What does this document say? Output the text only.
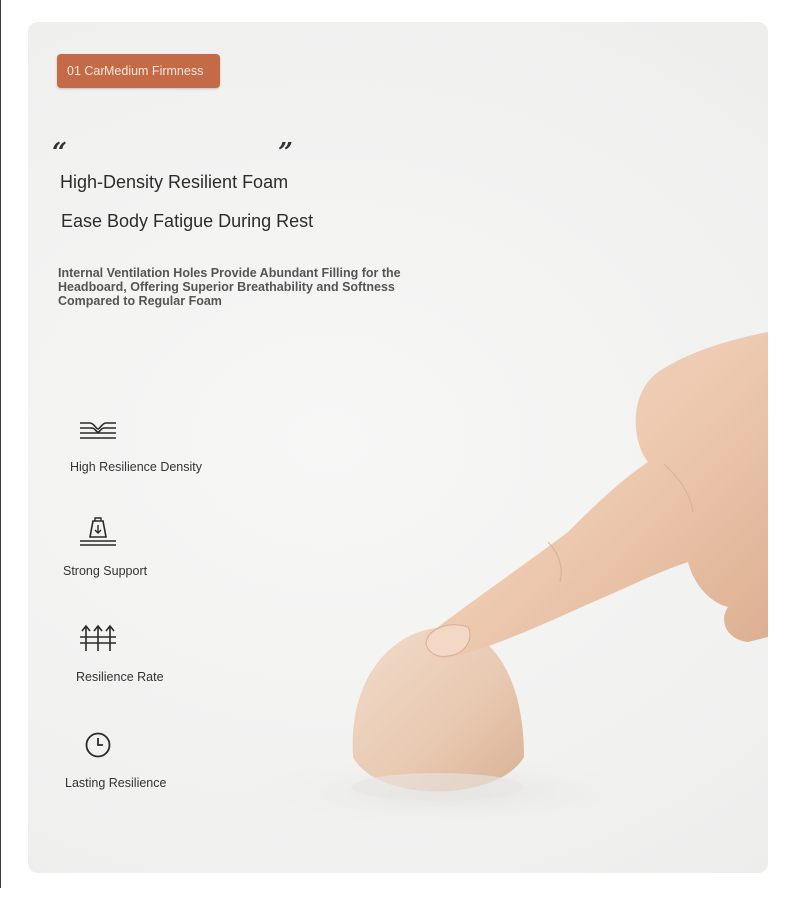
01 Car Medium Firmness
“	”
High-Density Resilient Foam
Ease Body Fatigue During Rest
Internal Ventilation Holes Provide Abundant Filling for the Headboard, Offering Superior Breathability and Softness Compared to Regular Foam
High Resilience Density
Strong Support
Resilience Rate
Lasting Resilience
